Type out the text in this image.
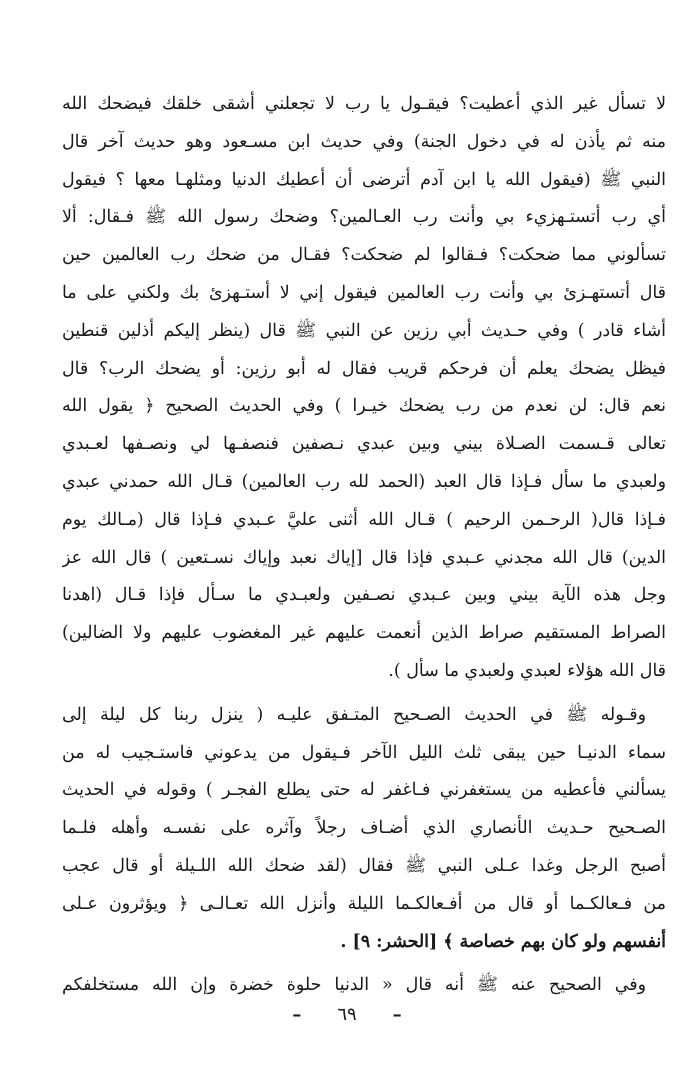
لا تسأل غير الذي أعطيت؟ فيقـول يا رب لا تجعلني أشقى خلقك فيضحك الله
منه ثم يأذن له في دخول الجنة) وفي حديث ابن مسـعود وهو حديث آخر قال
النبي ﷺ (فيقول الله يا ابن آدم أترضى أن أعطيك الدنيا ومثلهـا معها ؟ فيقول
أي رب أتستـهزيء بي وأنت رب العـالمين؟ وضحك رسول الله ﷺ فـقال: ألا
تسألوني مما ضحكت؟ فـقالوا لم ضحكت؟ فقـال من ضحك رب العالمين حين
قال أتستهـزئ بي وأنت رب العالمين فيقول إني لا أستـهزئ بك ولكني على ما
أشاء قادر ) وفي حـديث أبي رزين عن النبي ﷺ قال (ينظر إليكم أذلين قنطين
فيظل يضحك يعلم أن فرحكم قريب فقال له أبو رزين: أو يضحك الرب؟ قال
نعم قال: لن نعدم من رب يضحك خيـرا ) وفي الحديث الصحيح ﴿ يقول الله
تعالى قـسمت الصـلاة بيني وبين عبدي نـصفين فنصفـها لي ونصـفها لعـبدي
ولعبدي ما سأل فـإذا قال العبد (الحمد لله رب العالمين) قـال الله حمدني عبدي
فـإذا قال( الرحـمن الرحيم ) قـال الله أثنى عليَّ عـبدي فـإذا قال (مـالك يوم
الدين) قال الله مجدني عـبدي فإذا قال [إياك نعبد وإياك نسـتعين ) قال الله عز
وجل هذه الآية بيني وبين عـبدي نصـفين ولعبـدي ما سـأل فإذا قـال (اهدنا
الصراط المستقيم صراط الذين أنعمت عليهم غير المغضوب عليهم ولا الضالين)
قال الله هؤلاء لعبدي ولعبدي ما سأل ).
وقـوله ﷺ في الحديث الصـحيح المتـفق عليـه ( ينزل ربنا كل ليلة إلى
سماء الدنيـا حين يبقى ثلث الليل الآخر فـيقول من يدعوني فاستـجيب له من
يسألني فأعطيه من يستغفرني فـاغفر له حتى يطلع الفجـر ) وقوله في الحديث
الصـحيح حـديث الأنصاري الذي أضـاف رجلاً وآثره على نفسـه وأهله فلـما
أصبح الرجل وغدا عـلى النبي ﷺ فقال (لقد ضحك الله اللـيلة أو قال عجب
من فـعالكـما أو قال من أفـعالكـما الليلة وأنزل الله تعـالـى ﴿ ويؤثرون عـلى
أنفسهم ولو كان بهم خصاصة ﴾ [الحشر: ٩] .
وفي الصحيح عنه ﷺ أنه قال « الدنيا حلوة خضرة وإن الله مستخلفكم
– ٦٩ –
